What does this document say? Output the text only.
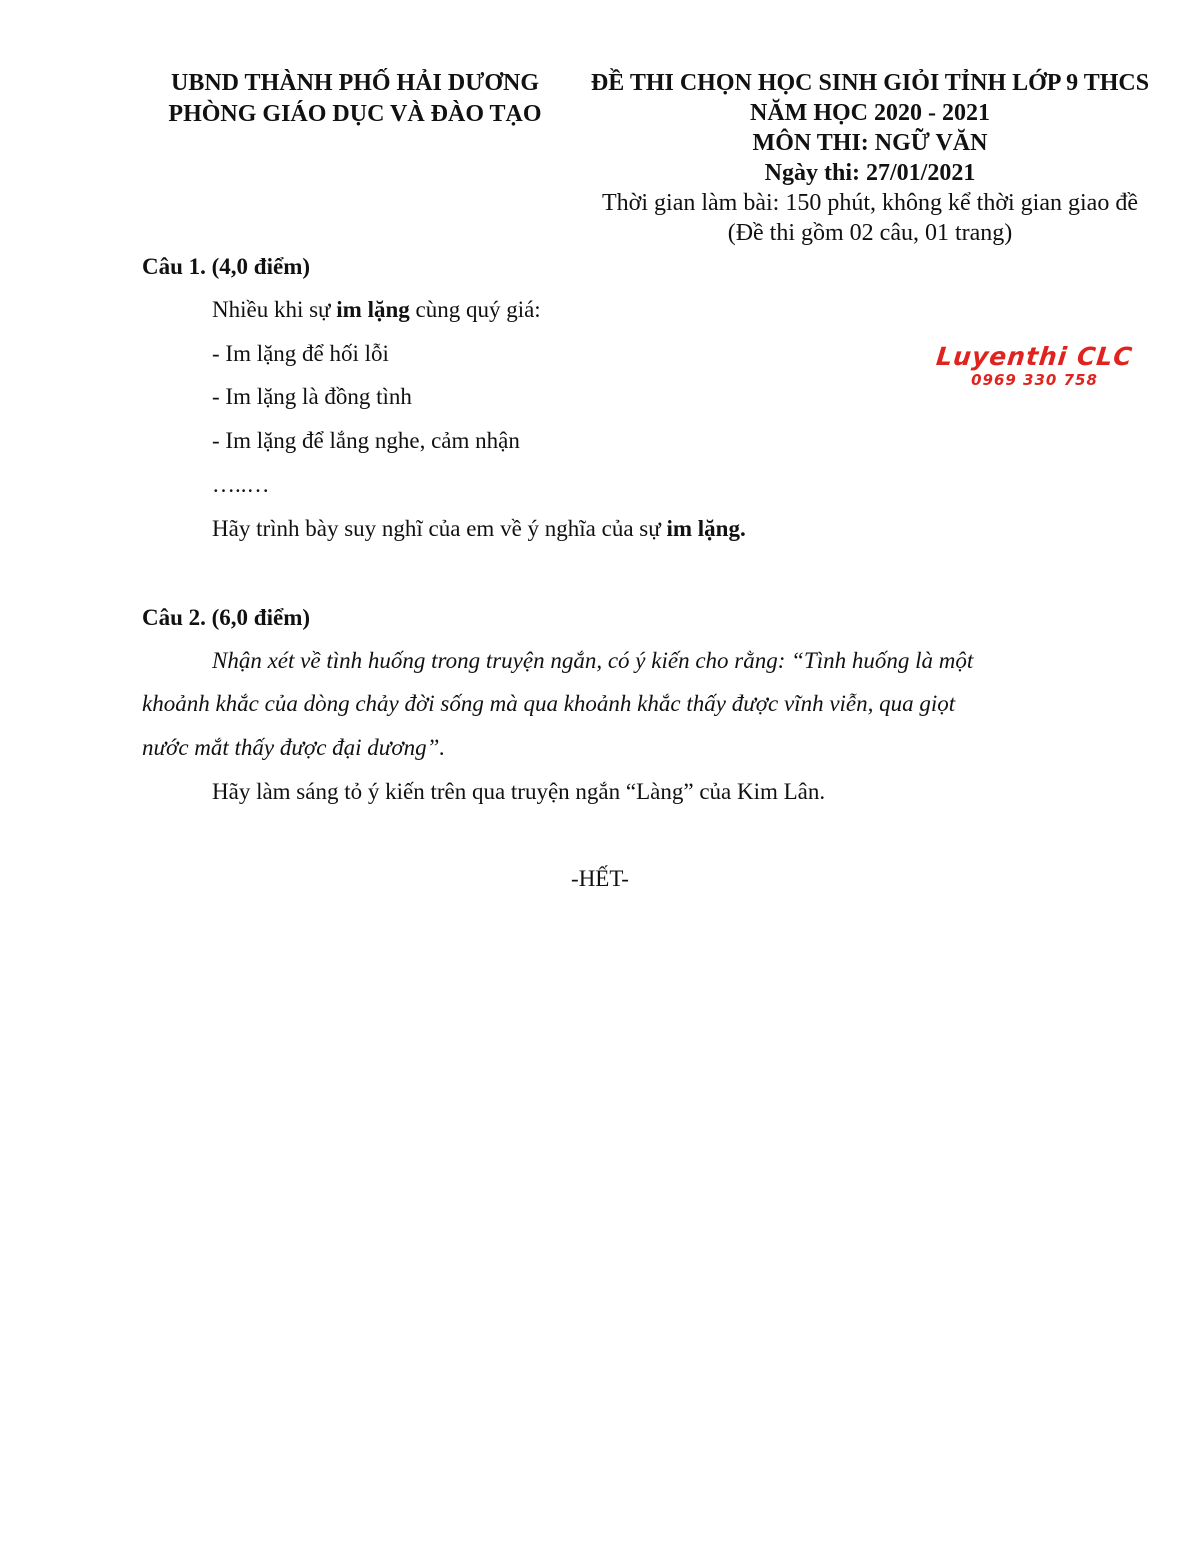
UBND THÀNH PHỐ HẢI DƯƠNG
PHÒNG GIÁO DỤC VÀ ĐÀO TẠO
ĐỀ THI CHỌN HỌC SINH GIỎI TỈNH LỚP 9 THCS
NĂM HỌC 2020 - 2021
MÔN THI: NGỮ VĂN
Ngày thi: 27/01/2021
Thời gian làm bài: 150 phút, không kể thời gian giao đề
(Đề thi gồm 02 câu, 01 trang)
Câu 1. (4,0 điểm)
Nhiều khi sự im lặng cùng quý giá:
- Im lặng để hối lỗi
- Im lặng là đồng tình
- Im lặng để lắng nghe, cảm nhận
…..…
Hãy trình bày suy nghĩ của em về ý nghĩa của sự im lặng.
Luyenthi CLC
0969 330 758
Câu 2. (6,0 điểm)
Nhận xét về tình huống trong truyện ngắn, có ý kiến cho rằng: “Tình huống là một
khoảnh khắc của dòng chảy đời sống mà qua khoảnh khắc thấy được vĩnh viễn, qua giọt
nước mắt thấy được đại dương”.
Hãy làm sáng tỏ ý kiến trên qua truyện ngắn “Làng” của Kim Lân.
-HẾT-
